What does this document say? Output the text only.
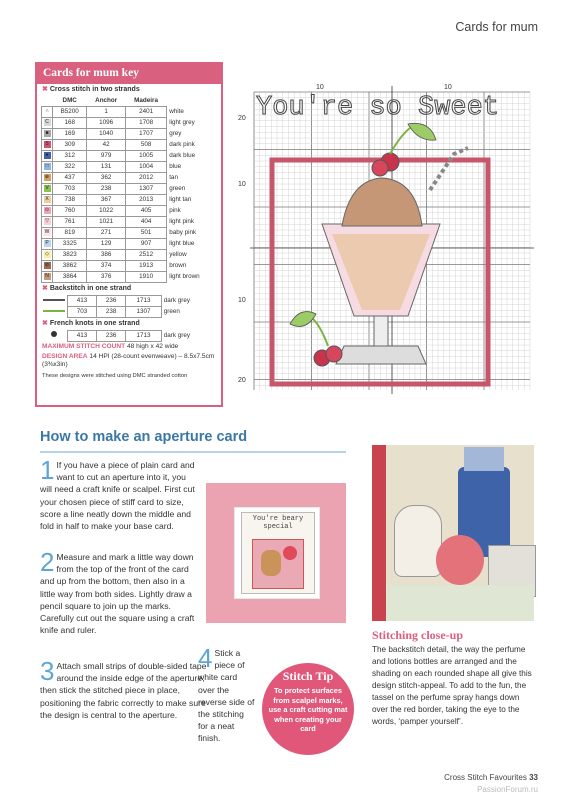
Cards for mum
Cards for mum key
✖ Cross stitch in two strands
	DMC	Anchor	Madeira	
∩	B5200	1	2401	white
C	168	1096	1708	light grey
■	169	1040	1707	grey
S	309	42	508	dark pink
●	312	979	1005	dark blue
□	322	131	1004	blue
⊕	437	362	2012	tan
V	703	238	1307	green
X	738	367	2013	light tan
⊙	760	1022	405	pink
▽	761	1021	404	light pink
W	819	271	501	baby pink
P	3325	129	907	light blue
◇	3823	386	2512	yellow
⊘	3862	374	1913	brown
N	3864	376	1910	light brown
✖ Backstitch in one strand
	413	236	1713	dark grey
	703	238	1307	green
✖ French knots in one strand
	413	236	1713	dark grey
MAXIMUM STITCH COUNT 48 high x 42 wide
DESIGN AREA 14 HPI (28-count evenweave) – 8.5x7.5cm (3⅜x3in)
These designs were stitched using DMC stranded cotton
You're so Sweet
10	10
20
10
10
20
How to make an aperture card
1 If you have a piece of plain card and want to cut an aperture into it, you will need a craft knife or scalpel. First cut your chosen piece of stiff card to size, score a line neatly down the middle and fold in half to make your base card.
2 Measure and mark a little way down from the top of the front of the card and up from the bottom, then also in a little way from both sides. Lightly draw a pencil square to join up the marks. Carefully cut out the square using a craft knife and ruler.
3 Attach small strips of double-sided tape around the inside edge of the aperture, then stick the stitched piece in place, positioning the fabric correctly to make sure the design is central to the aperture.
4 Stick a piece of white card over the reverse side of the stitching for a neat finish.
You're beary special
Stitching close-up
The backstitch detail, the way the perfume and lotions bottles are arranged and the shading on each rounded shape all give this design stitch-appeal. To add to the fun, the tassel on the perfume spray hangs down over the red border, taking the eye to the words, ‘pamper yourself’.
Stitch Tip
To protect surfaces from scalpel marks, use a craft cutting mat when creating your card
Cross Stitch Favourites 33
PassionForum.ru
